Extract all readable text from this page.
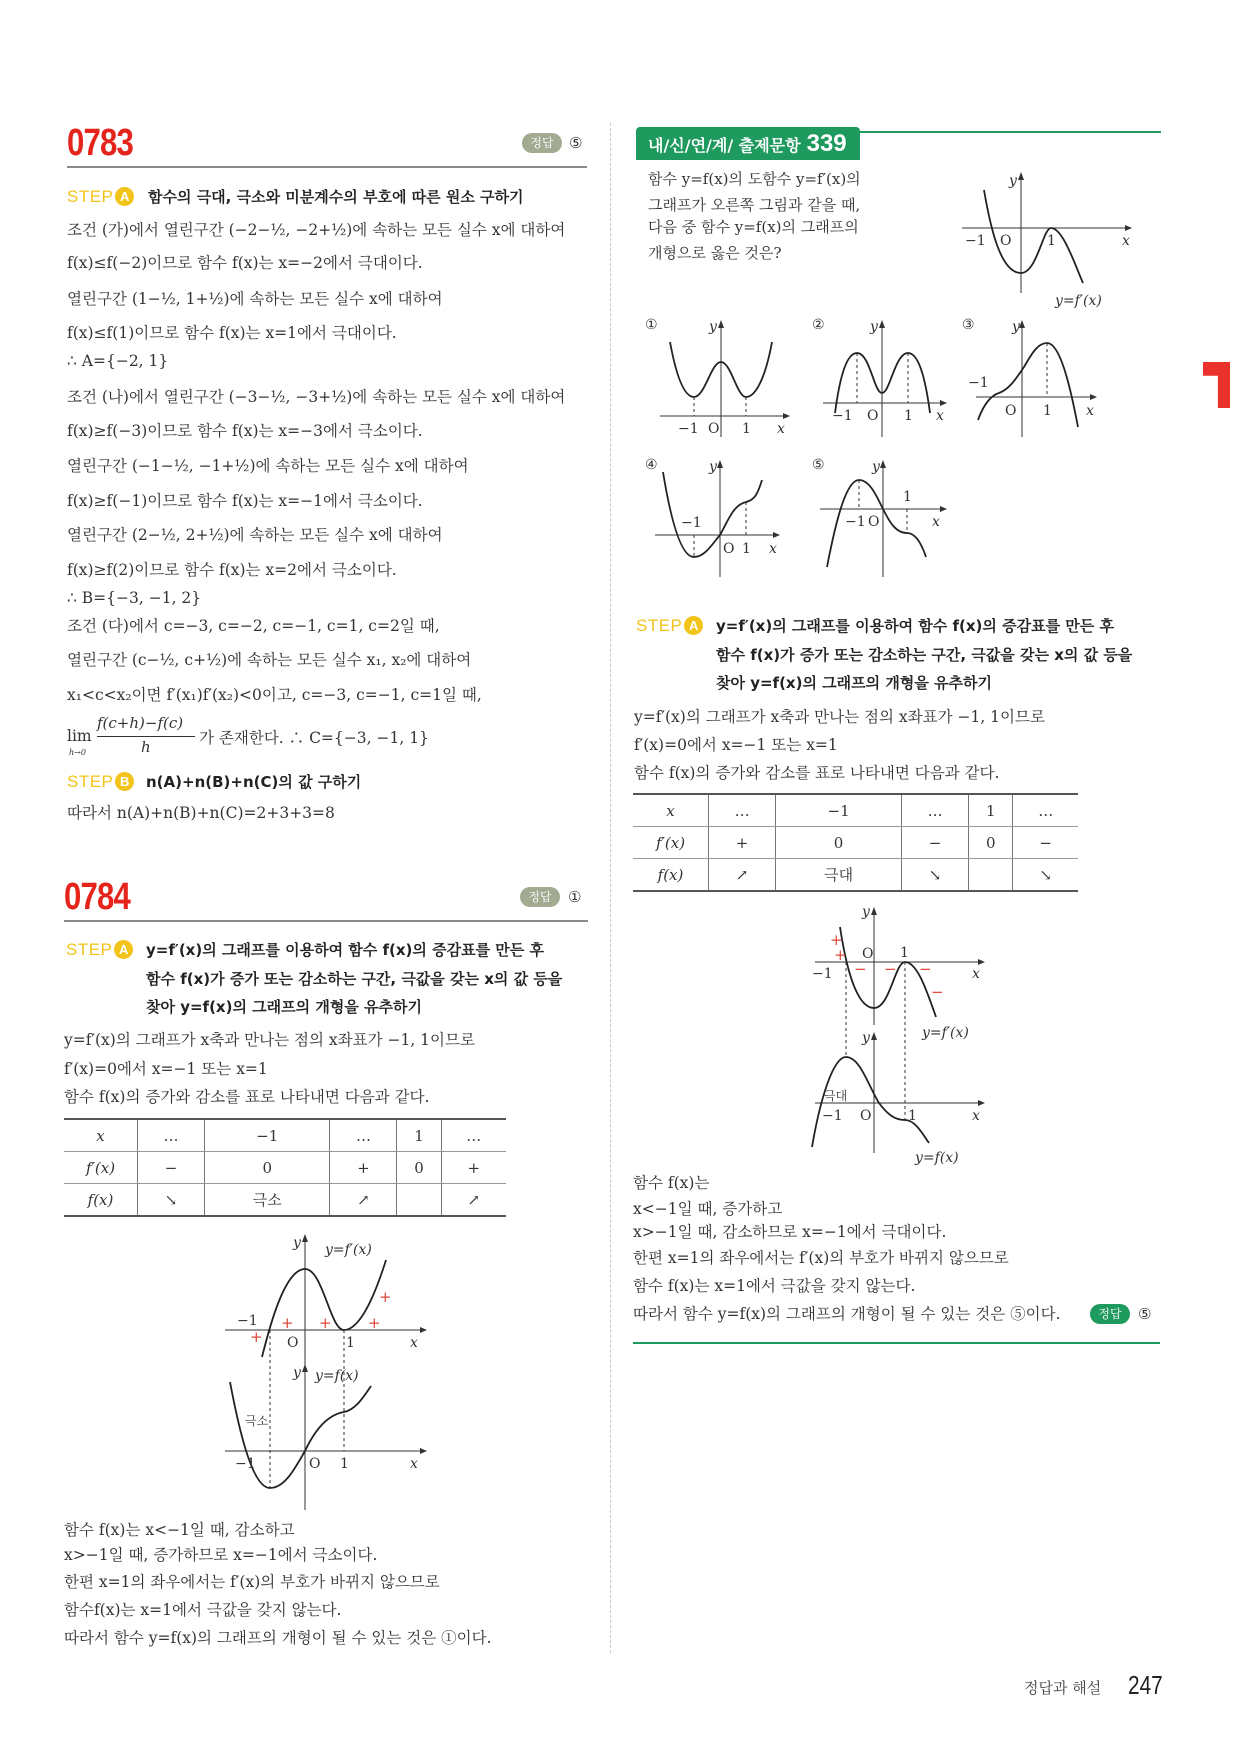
0783	정답	⑤
STEP A	함수의 극대, 극소와 미분계수의 부호에 따른 원소 구하기
조건 (가)에서 열린구간 (−2−½, −2+½)에 속하는 모든 실수 x에 대하여
f(x)≤f(−2)이므로 함수 f(x)는 x=−2에서 극대이다.
열린구간 (1−½, 1+½)에 속하는 모든 실수 x에 대하여
f(x)≤f(1)이므로 함수 f(x)는 x=1에서 극대이다.
∴ A={−2, 1}
조건 (나)에서 열린구간 (−3−½, −3+½)에 속하는 모든 실수 x에 대하여
f(x)≥f(−3)이므로 함수 f(x)는 x=−3에서 극소이다.
열린구간 (−1−½, −1+½)에 속하는 모든 실수 x에 대하여
f(x)≥f(−1)이므로 함수 f(x)는 x=−1에서 극소이다.
열린구간 (2−½, 2+½)에 속하는 모든 실수 x에 대하여
f(x)≥f(2)이므로 함수 f(x)는 x=2에서 극소이다.
∴ B={−3, −1, 2}
조건 (다)에서 c=−3, c=−2, c=−1, c=1, c=2일 때,
열린구간 (c−½, c+½)에 속하는 모든 실수 x₁, x₂에 대하여
x₁<c<x₂이면 f′(x₁)f′(x₂)<0이고, c=−3, c=−1, c=1일 때,
lim
h→0
f(c+h)−f(c)
h	가 존재한다. ∴ C={−3, −1, 1}
STEP B	n(A)+n(B)+n(C)의 값 구하기
따라서 n(A)+n(B)+n(C)=2+3+3=8
0784	정답	①
STEP A	y=f′(x)의 그래프를 이용하여 함수 f(x)의 증감표를 만든 후
함수 f(x)가 증가 또는 감소하는 구간, 극값을 갖는 x의 값 등을
찾아 y=f(x)의 그래프의 개형을 유추하기
y=f′(x)의 그래프가 x축과 만나는 점의 x좌표가 −1, 1이므로
f′(x)=0에서 x=−1 또는 x=1
함수 f(x)의 증가와 감소를 표로 나타내면 다음과 같다.
x	…	−1	…	1	…
f′(x)	−	0	+	0	+
f(x)	↘	극소	↗		↗
y y=f′(x)
−1
O	1	x
+
+ + +
+
y y=f(x)
극소
−1	O 1	x
함수 f(x)는 x<−1일 때, 감소하고
x>−1일 때, 증가하므로 x=−1에서 극소이다.
한편 x=1의 좌우에서는 f′(x)의 부호가 바뀌지 않으므로
함수f(x)는 x=1에서 극값을 갖지 않는다.
따라서 함수 y=f(x)의 그래프의 개형이 될 수 있는 것은 ①이다.
내/신/연/계/ 출제문항 339
함수 y=f(x)의 도함수 y=f′(x)의
그래프가 오른쪽 그림과 같을 때,
다음 중 함수 y=f(x)의 그래프의
개형으로 옳은 것은?
y
−1 O	1	x
y=f′(x)
①	y
−1 O 1 x
②	y
−1 O 1 x
③	y
−1
O 1 x
④	y
−1
O 1 x
⑤	y
−1 O
1
x
STEP A	y=f′(x)의 그래프를 이용하여 함수 f(x)의 증감표를 만든 후
함수 f(x)가 증가 또는 감소하는 구간, 극값을 갖는 x의 값 등을
찾아 y=f(x)의 그래프의 개형을 유추하기
y=f′(x)의 그래프가 x축과 만나는 점의 x좌표가 −1, 1이므로
f′(x)=0에서 x=−1 또는 x=1
함수 f(x)의 증가와 감소를 표로 나타내면 다음과 같다.
x	…	−1	…	1	…
f′(x)	+	0	−	0	−
f(x)	↗	극대	↘		↘
y
O 1
−1	x
+
+
− − −
−
y=f′(x)
y
극대
−1 O	1	x
y=f(x)
함수 f(x)는
x<−1일 때, 증가하고
x>−1일 때, 감소하므로 x=−1에서 극대이다.
한편 x=1의 좌우에서는 f′(x)의 부호가 바뀌지 않으므로
함수 f(x)는 x=1에서 극값을 갖지 않는다.
따라서 함수 y=f(x)의 그래프의 개형이 될 수 있는 것은 ⑤이다.	정답	⑤
정답과 해설 247
